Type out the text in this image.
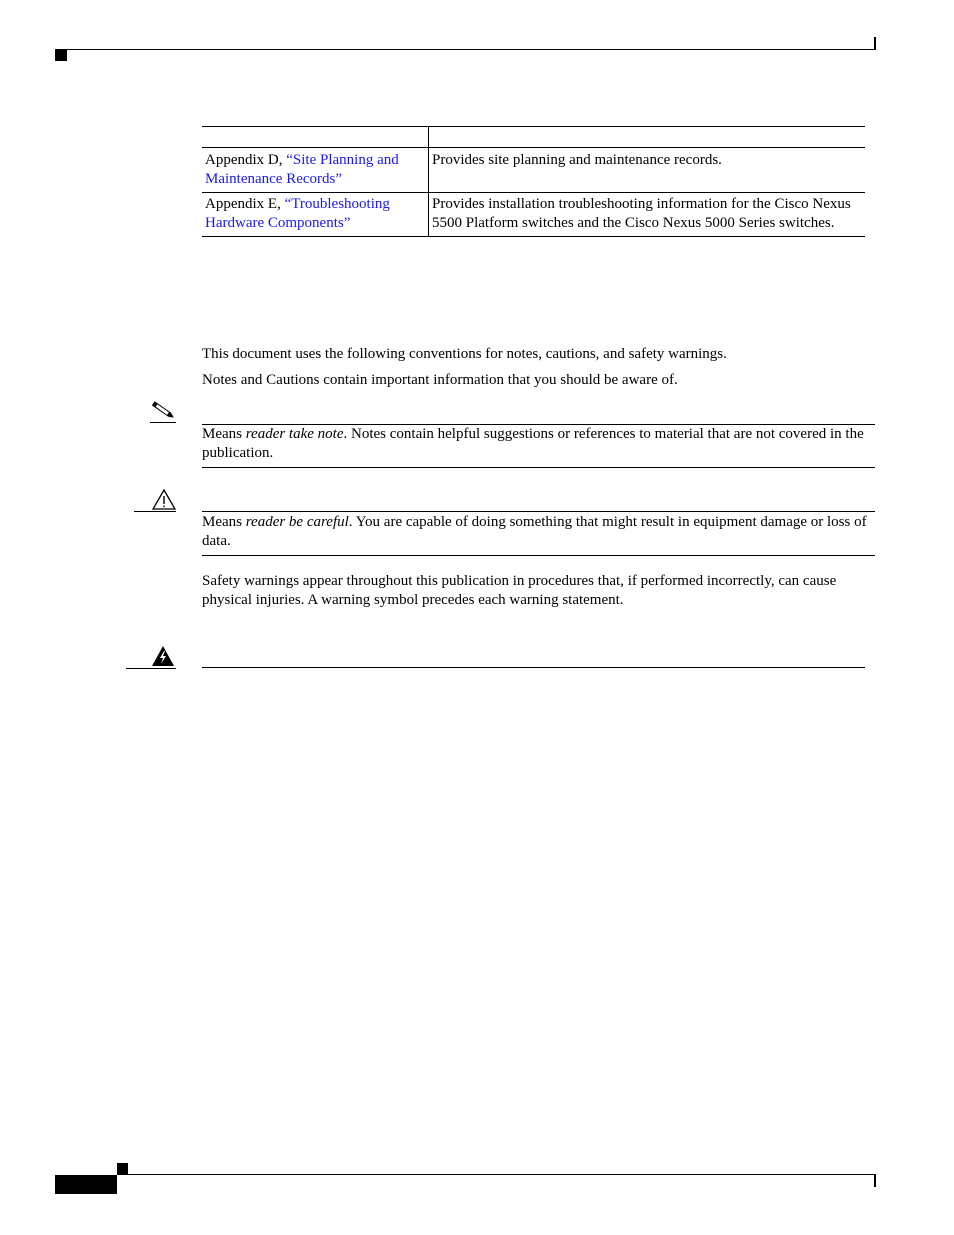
Appendix D, “Site Planning and Maintenance Records”	Provides site planning and maintenance records.
Appendix E, “Troubleshooting Hardware Components”	Provides installation troubleshooting information for the Cisco Nexus 5500 Platform switches and the Cisco Nexus 5000 Series switches.
This document uses the following conventions for notes, cautions, and safety warnings.
Notes and Cautions contain important information that you should be aware of.
Means reader take note. Notes contain helpful suggestions or references to material that are not covered in the publication.
Means reader be careful. You are capable of doing something that might result in equipment damage or loss of data.
Safety warnings appear throughout this publication in procedures that, if performed incorrectly, can cause physical injuries. A warning symbol precedes each warning statement.
